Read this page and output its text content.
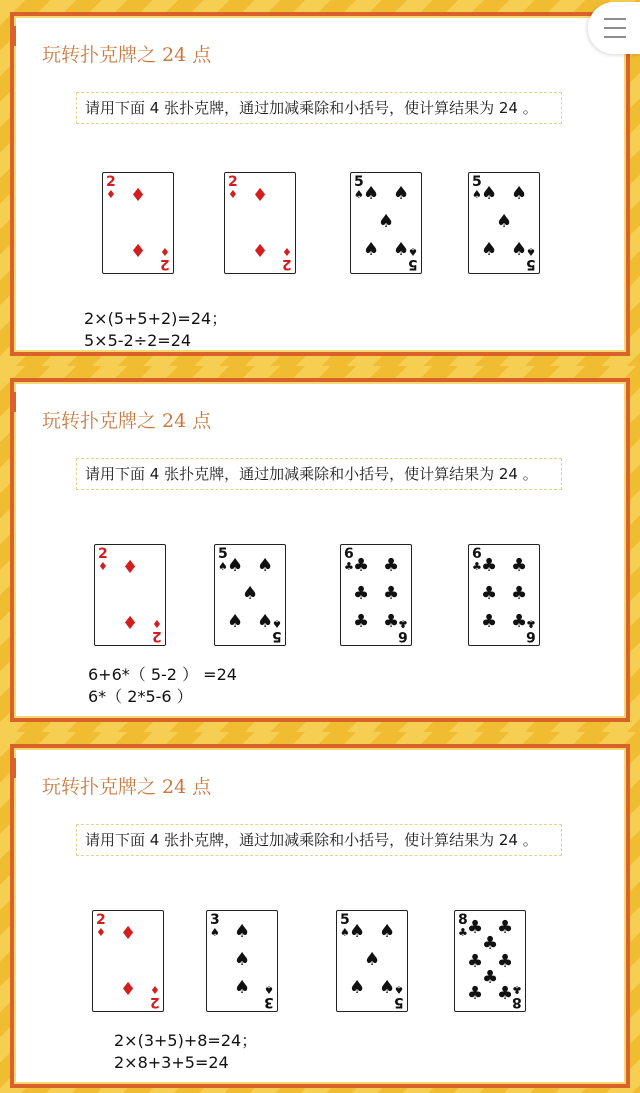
玩转扑克牌之 24 点
请用下面 4 张扑克牌，通过加减乘除和小括号，使计算结果为 24 。
2
♦ ♦
♦ ♦
2
2
♦ ♦
♦ ♦
2
5
♠ ♠ ♠
♠
♠ ♠
♠
5
5
♠ ♠ ♠
♠
♠ ♠
♠
5
2×(5+5+2)=24；
5×5-2÷2=24
玩转扑克牌之 24 点
请用下面 4 张扑克牌，通过加减乘除和小括号，使计算结果为 24 。
2
♦ ♦
♦ ♦
2
5
♠ ♠ ♠
♠
♠ ♠
♠
5
6
♣ ♣ ♣
♣ ♣
♣ ♣
♣
6
6
♣ ♣ ♣
♣ ♣
♣ ♣
♣
6
6+6*（ 5-2 ） =24
6*（ 2*5-6 ）
玩转扑克牌之 24 点
请用下面 4 张扑克牌，通过加减乘除和小括号，使计算结果为 24 。
2
♦ ♦
♦ ♦
2
3
♠ ♠
♠
♠ ♠
3
5
♠ ♠ ♠
♠
♠ ♠
♠
5
8
♣ ♣ ♣
♣
♣ ♣
♣
♣ ♣
♣
8
2×(3+5)+8=24；
2×8+3+5=24
